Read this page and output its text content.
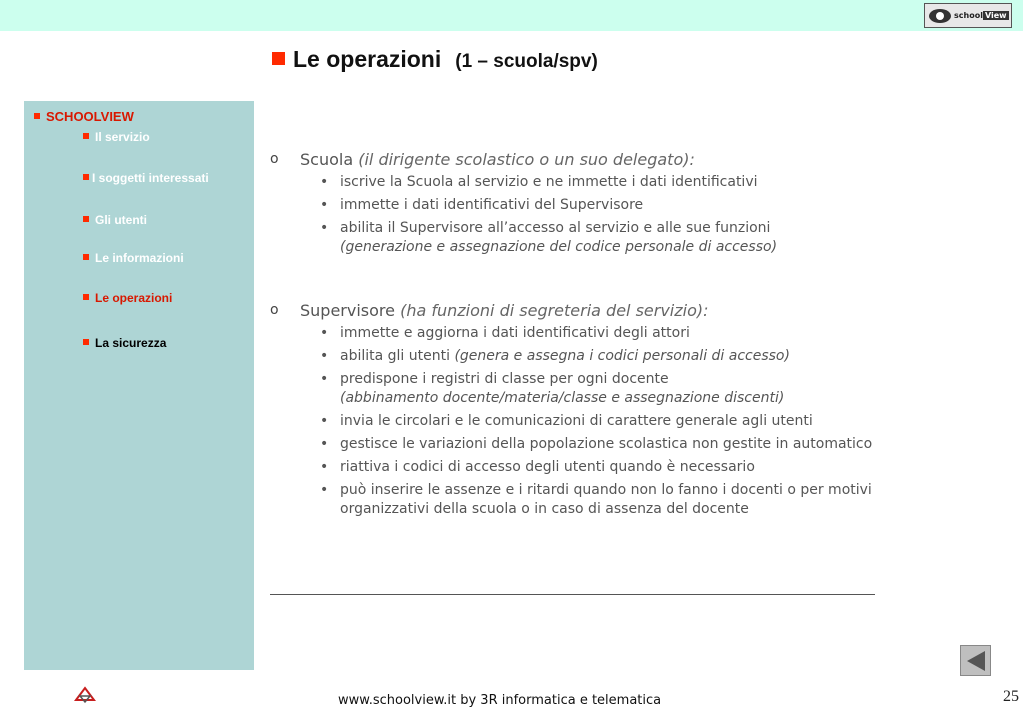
school View
Le operazioni (1 – scuola/spv)
SCHOOLVIEW
Il servizio
I soggetti interessati
Gli utenti
Le informazioni
Le operazioni
La sicurezza
o Scuola (il dirigente scolastico o un suo delegato):
• iscrive la Scuola al servizio e ne immette i dati identificativi
• immette i dati identificativi del Supervisore
• abilita il Supervisore all’accesso al servizio e alle sue funzioni
(generazione e assegnazione del codice personale di accesso)
o Supervisore (ha funzioni di segreteria del servizio):
• immette e aggiorna i dati identificativi degli attori
• abilita gli utenti (genera e assegna i codici personali di accesso)
• predispone i registri di classe per ogni docente
(abbinamento docente/materia/classe e assegnazione discenti)
• invia le circolari e le comunicazioni di carattere generale agli utenti
• gestisce le variazioni della popolazione scolastica non gestite in automatico
• riattiva i codici di accesso degli utenti quando è necessario
• può inserire le assenze e i ritardi quando non lo fanno i docenti o per motivi organizzativi della scuola o in caso di assenza del docente
www.schoolview.it by 3R informatica e telematica	25
